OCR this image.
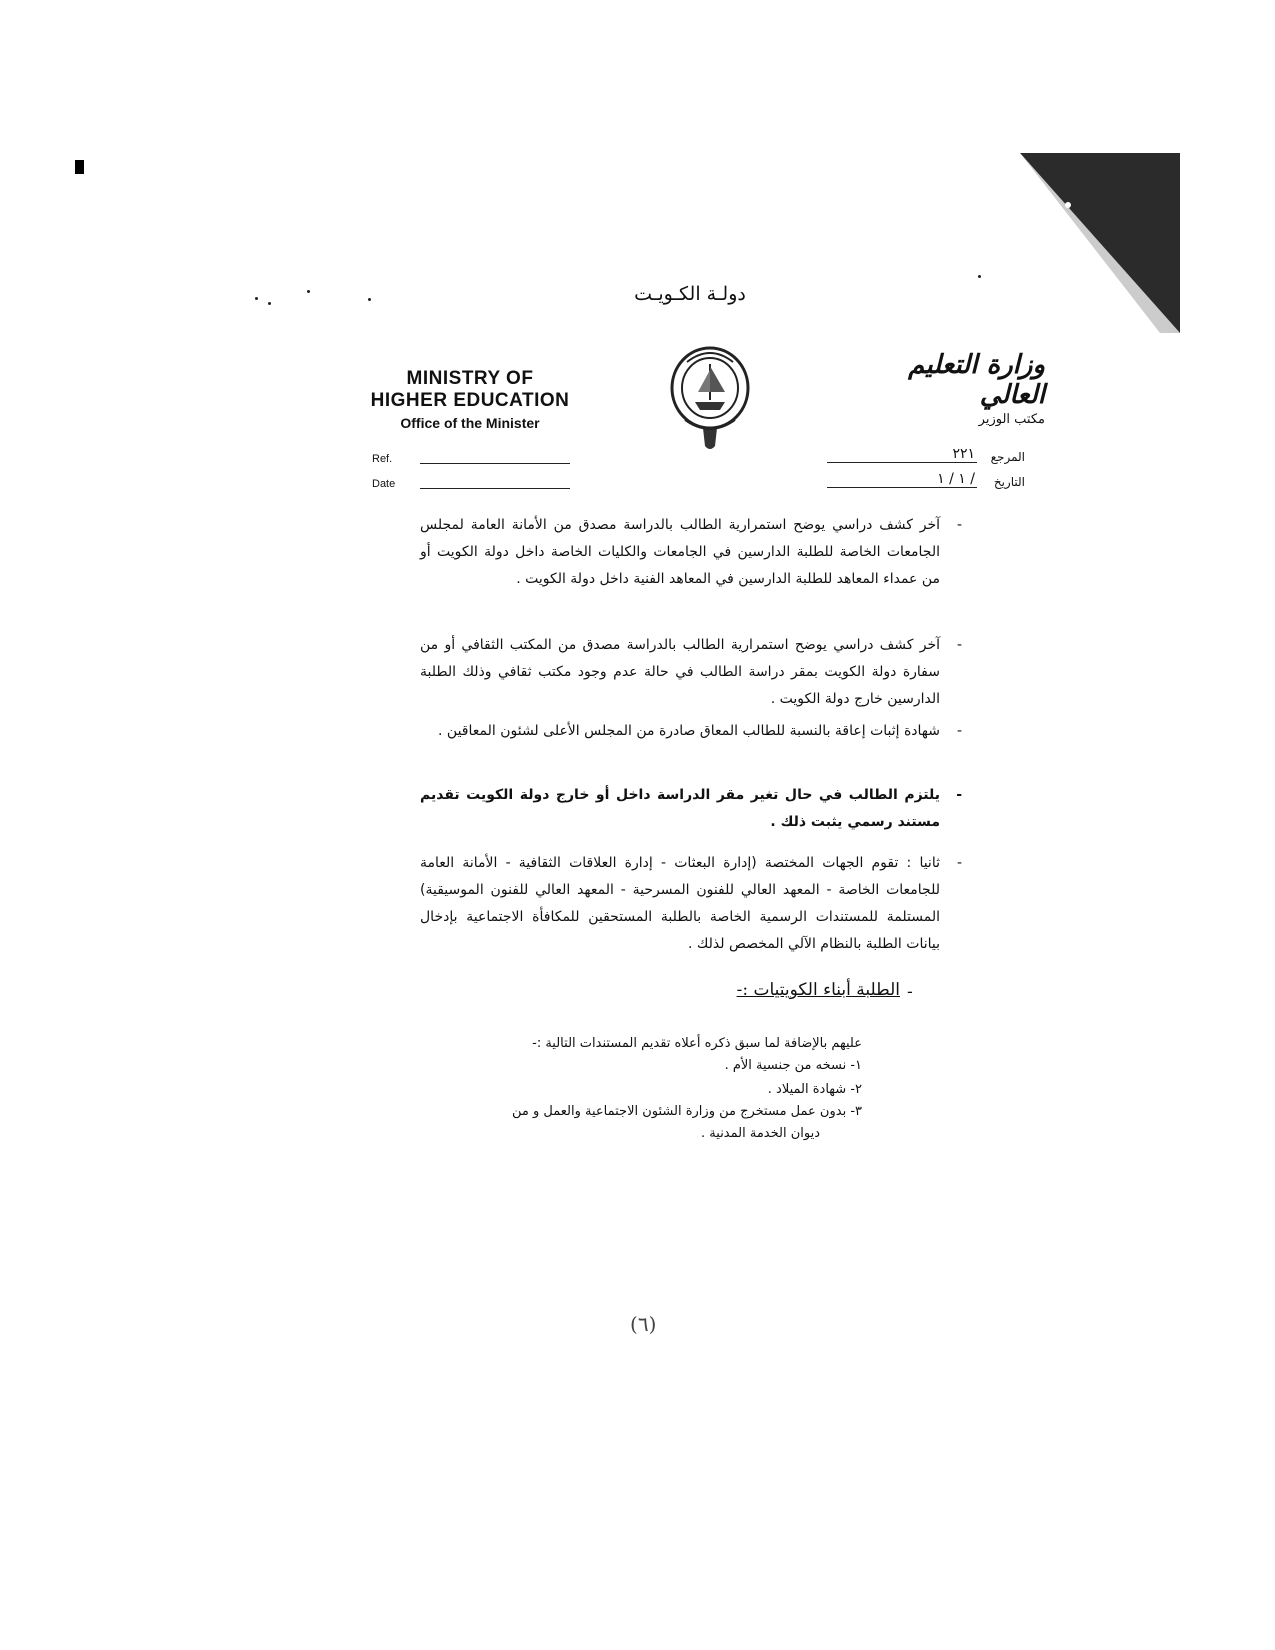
دولـة الكـويـت
MINISTRY OF
HIGHER EDUCATION
Office of the Minister
وزارة التعليم العالي
مكتب الوزير
Ref.
Date
المرجع
٢٢١
التاريخ
/ ١ / ١
-
آخر كشف دراسي يوضح استمرارية الطالب بالدراسة مصدق من الأمانة العامة لمجلس الجامعات الخاصة للطلبة الدارسين في الجامعات والكليات الخاصة داخل دولة الكويت أو من عمداء المعاهد للطلبة الدارسين في المعاهد الفنية داخل دولة الكويت .
-
آخر كشف دراسي يوضح استمرارية الطالب بالدراسة مصدق من المكتب الثقافي أو من سفارة دولة الكويت بمقر دراسة الطالب في حالة عدم وجود مكتب ثقافي وذلك الطلبة الدارسين خارج دولة الكويت .
-
شهادة إثبات إعاقة بالنسبة للطالب المعاق صادرة من المجلس الأعلى لشئون المعاقين .
-
يلتزم الطالب في حال تغير مقر الدراسة داخل أو خارج دولة الكويت تقديم مستند رسمي يثبت ذلك .
-
ثانيا : تقوم الجهات المختصة (إدارة البعثات - إدارة العلاقات الثقافية - الأمانة العامة للجامعات الخاصة - المعهد العالي للفنون المسرحية - المعهد العالي للفنون الموسيقية) المستلمة للمستندات الرسمية الخاصة بالطلبة المستحقين للمكافأة الاجتماعية بإدخال بيانات الطلبة بالنظام الآلي المخصص لذلك .
-
الطلبة أبناء الكويتيات :-
عليهم بالإضافة لما سبق ذكره أعلاه تقديم المستندات التالية :-
١- نسخه من جنسية الأم .
٢- شهادة الميلاد .
٣- بدون عمل مستخرج من وزارة الشئون الاجتماعية والعمل و من
ديوان الخدمة المدنية .
(٦)
